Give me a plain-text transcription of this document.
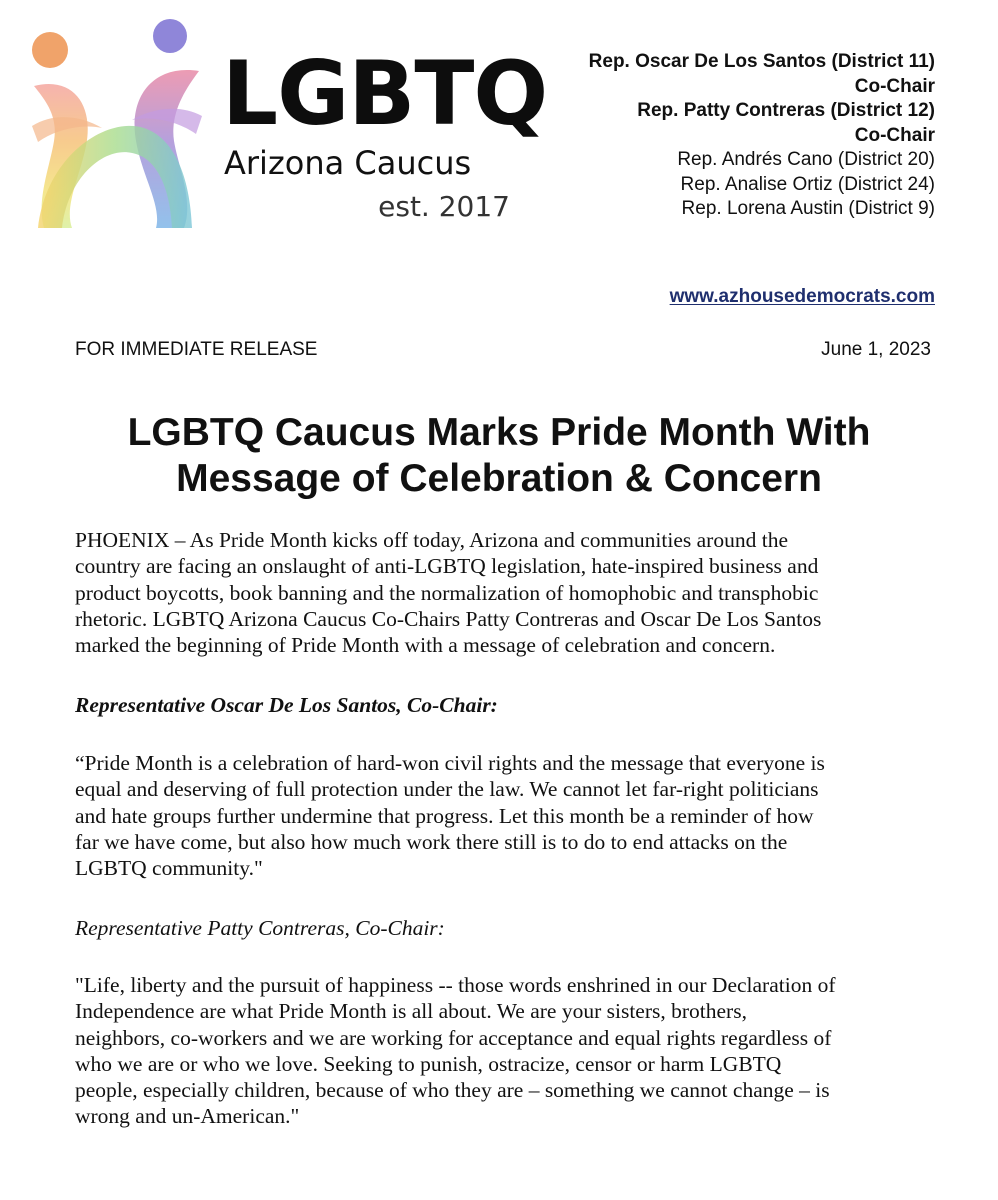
LGBTQ
Arizona Caucus
est. 2017
Rep. Oscar De Los Santos (District 11)
Co-Chair
Rep. Patty Contreras (District 12)
Co-Chair
Rep. Andrés Cano (District 20)
Rep. Analise Ortiz (District 24)
Rep. Lorena Austin (District 9)
www.azhousedemocrats.com
FOR IMMEDIATE RELEASE	June 1, 2023
LGBTQ Caucus Marks Pride Month With
Message of Celebration & Concern

PHOENIX – As Pride Month kicks off today, Arizona and communities around the
country are facing an onslaught of anti-LGBTQ legislation, hate-inspired business and
product boycotts, book banning and the normalization of homophobic and transphobic
rhetoric. LGBTQ Arizona Caucus Co-Chairs Patty Contreras and Oscar De Los Santos
marked the beginning of Pride Month with a message of celebration and concern.

Representative Oscar De Los Santos, Co-Chair:

“Pride Month is a celebration of hard-won civil rights and the message that everyone is
equal and deserving of full protection under the law. We cannot let far-right politicians
and hate groups further undermine that progress. Let this month be a reminder of how
far we have come, but also how much work there still is to do to end attacks on the
LGBTQ community."

Representative Patty Contreras, Co-Chair:

"Life, liberty and the pursuit of happiness -- those words enshrined in our Declaration of
Independence are what Pride Month is all about. We are your sisters, brothers,
neighbors, co-workers and we are working for acceptance and equal rights regardless of
who we are or who we love. Seeking to punish, ostracize, censor or harm LGBTQ
people, especially children, because of who they are – something we cannot change – is
wrong and un-American."
